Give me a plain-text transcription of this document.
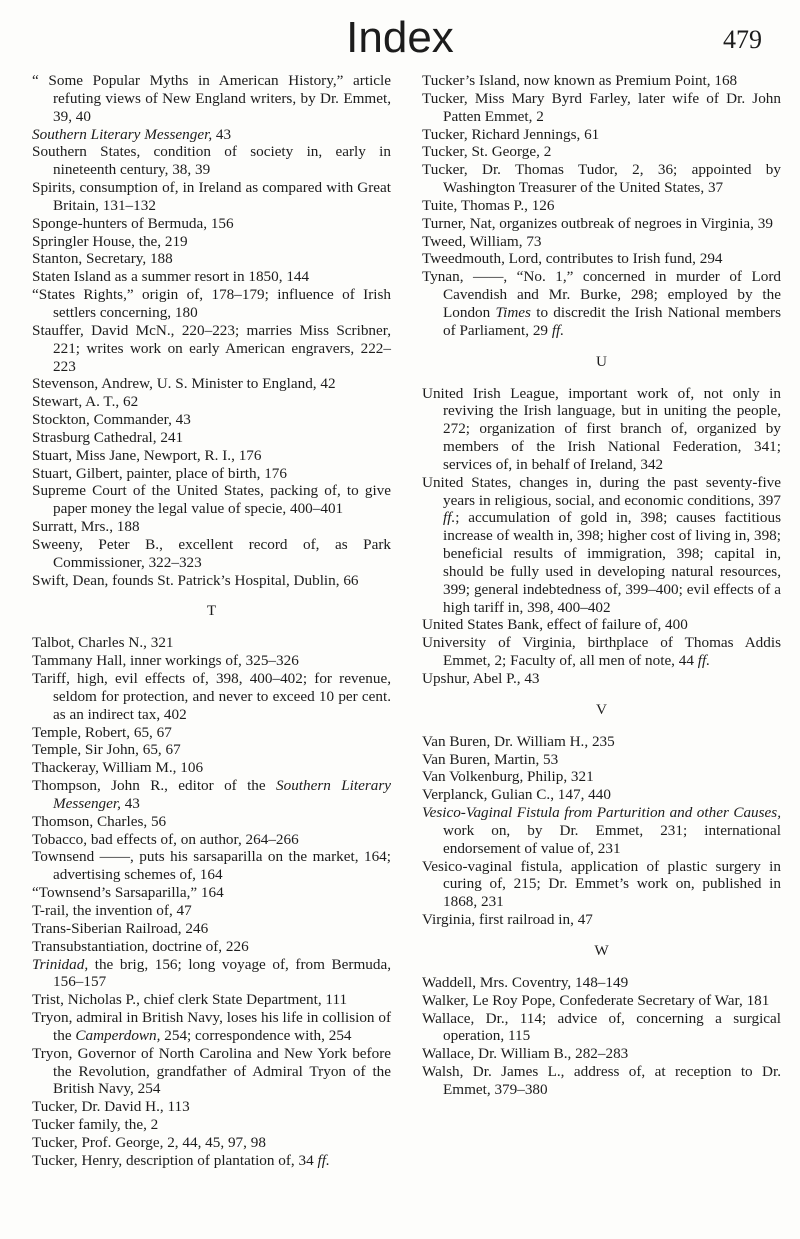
Index	479
“ Some Popular Myths in American History,” article refuting views of New England writers, by Dr. Emmet, 39, 40
Southern Literary Messenger, 43
Southern States, condition of society in, early in nineteenth century, 38, 39
Spirits, consumption of, in Ireland as compared with Great Britain, 131–132
Sponge-hunters of Bermuda, 156
Springler House, the, 219
Stanton, Secretary, 188
Staten Island as a summer resort in 1850, 144
“States Rights,” origin of, 178–179; influence of Irish settlers concerning, 180
Stauffer, David McN., 220–223; marries Miss Scribner, 221; writes work on early American engravers, 222–223
Stevenson, Andrew, U. S. Minister to England, 42
Stewart, A. T., 62
Stockton, Commander, 43
Strasburg Cathedral, 241
Stuart, Miss Jane, Newport, R. I., 176
Stuart, Gilbert, painter, place of birth, 176
Supreme Court of the United States, packing of, to give paper money the legal value of specie, 400–401
Surratt, Mrs., 188
Sweeny, Peter B., excellent record of, as Park Commissioner, 322–323
Swift, Dean, founds St. Patrick’s Hospital, Dublin, 66
T
Talbot, Charles N., 321
Tammany Hall, inner workings of, 325–326
Tariff, high, evil effects of, 398, 400–402; for revenue, seldom for protection, and never to exceed 10 per cent. as an indirect tax, 402
Temple, Robert, 65, 67
Temple, Sir John, 65, 67
Thackeray, William M., 106
Thompson, John R., editor of the Southern Literary Messenger, 43
Thomson, Charles, 56
Tobacco, bad effects of, on author, 264–266
Townsend ——, puts his sarsaparilla on the market, 164; advertising schemes of, 164
“Townsend’s Sarsaparilla,” 164
T-rail, the invention of, 47
Trans-Siberian Railroad, 246
Transubstantiation, doctrine of, 226
Trinidad, the brig, 156; long voyage of, from Bermuda, 156–157
Trist, Nicholas P., chief clerk State Department, 111
Tryon, admiral in British Navy, loses his life in collision of the Camperdown, 254; correspondence with, 254
Tryon, Governor of North Carolina and New York before the Revolution, grandfather of Admiral Tryon of the British Navy, 254
Tucker, Dr. David H., 113
Tucker family, the, 2
Tucker, Prof. George, 2, 44, 45, 97, 98
Tucker, Henry, description of plantation of, 34 ff.
Tucker’s Island, now known as Premium Point, 168
Tucker, Miss Mary Byrd Farley, later wife of Dr. John Patten Emmet, 2
Tucker, Richard Jennings, 61
Tucker, St. George, 2
Tucker, Dr. Thomas Tudor, 2, 36; appointed by Washington Treasurer of the United States, 37
Tuite, Thomas P., 126
Turner, Nat, organizes outbreak of negroes in Virginia, 39
Tweed, William, 73
Tweedmouth, Lord, contributes to Irish fund, 294
Tynan, ——, “No. 1,” concerned in murder of Lord Cavendish and Mr. Burke, 298; employed by the London Times to discredit the Irish National members of Parliament, 29 ff.
U
United Irish League, important work of, not only in reviving the Irish language, but in uniting the people, 272; organization of first branch of, organized by members of the Irish National Federation, 341; services of, in behalf of Ireland, 342
United States, changes in, during the past seventy-five years in religious, social, and economic conditions, 397 ff.; accumulation of gold in, 398; causes factitious increase of wealth in, 398; higher cost of living in, 398; beneficial results of immigration, 398; capital in, should be fully used in developing natural resources, 399; general indebtedness of, 399–400; evil effects of a high tariff in, 398, 400–402
United States Bank, effect of failure of, 400
University of Virginia, birthplace of Thomas Addis Emmet, 2; Faculty of, all men of note, 44 ff.
Upshur, Abel P., 43
V
Van Buren, Dr. William H., 235
Van Buren, Martin, 53
Van Volkenburg, Philip, 321
Verplanck, Gulian C., 147, 440
Vesico-Vaginal Fistula from Parturition and other Causes, work on, by Dr. Emmet, 231; international endorsement of value of, 231
Vesico-vaginal fistula, application of plastic surgery in curing of, 215; Dr. Emmet’s work on, published in 1868, 231
Virginia, first railroad in, 47
W
Waddell, Mrs. Coventry, 148–149
Walker, Le Roy Pope, Confederate Secretary of War, 181
Wallace, Dr., 114; advice of, concerning a surgical operation, 115
Wallace, Dr. William B., 282–283
Walsh, Dr. James L., address of, at reception to Dr. Emmet, 379–380
